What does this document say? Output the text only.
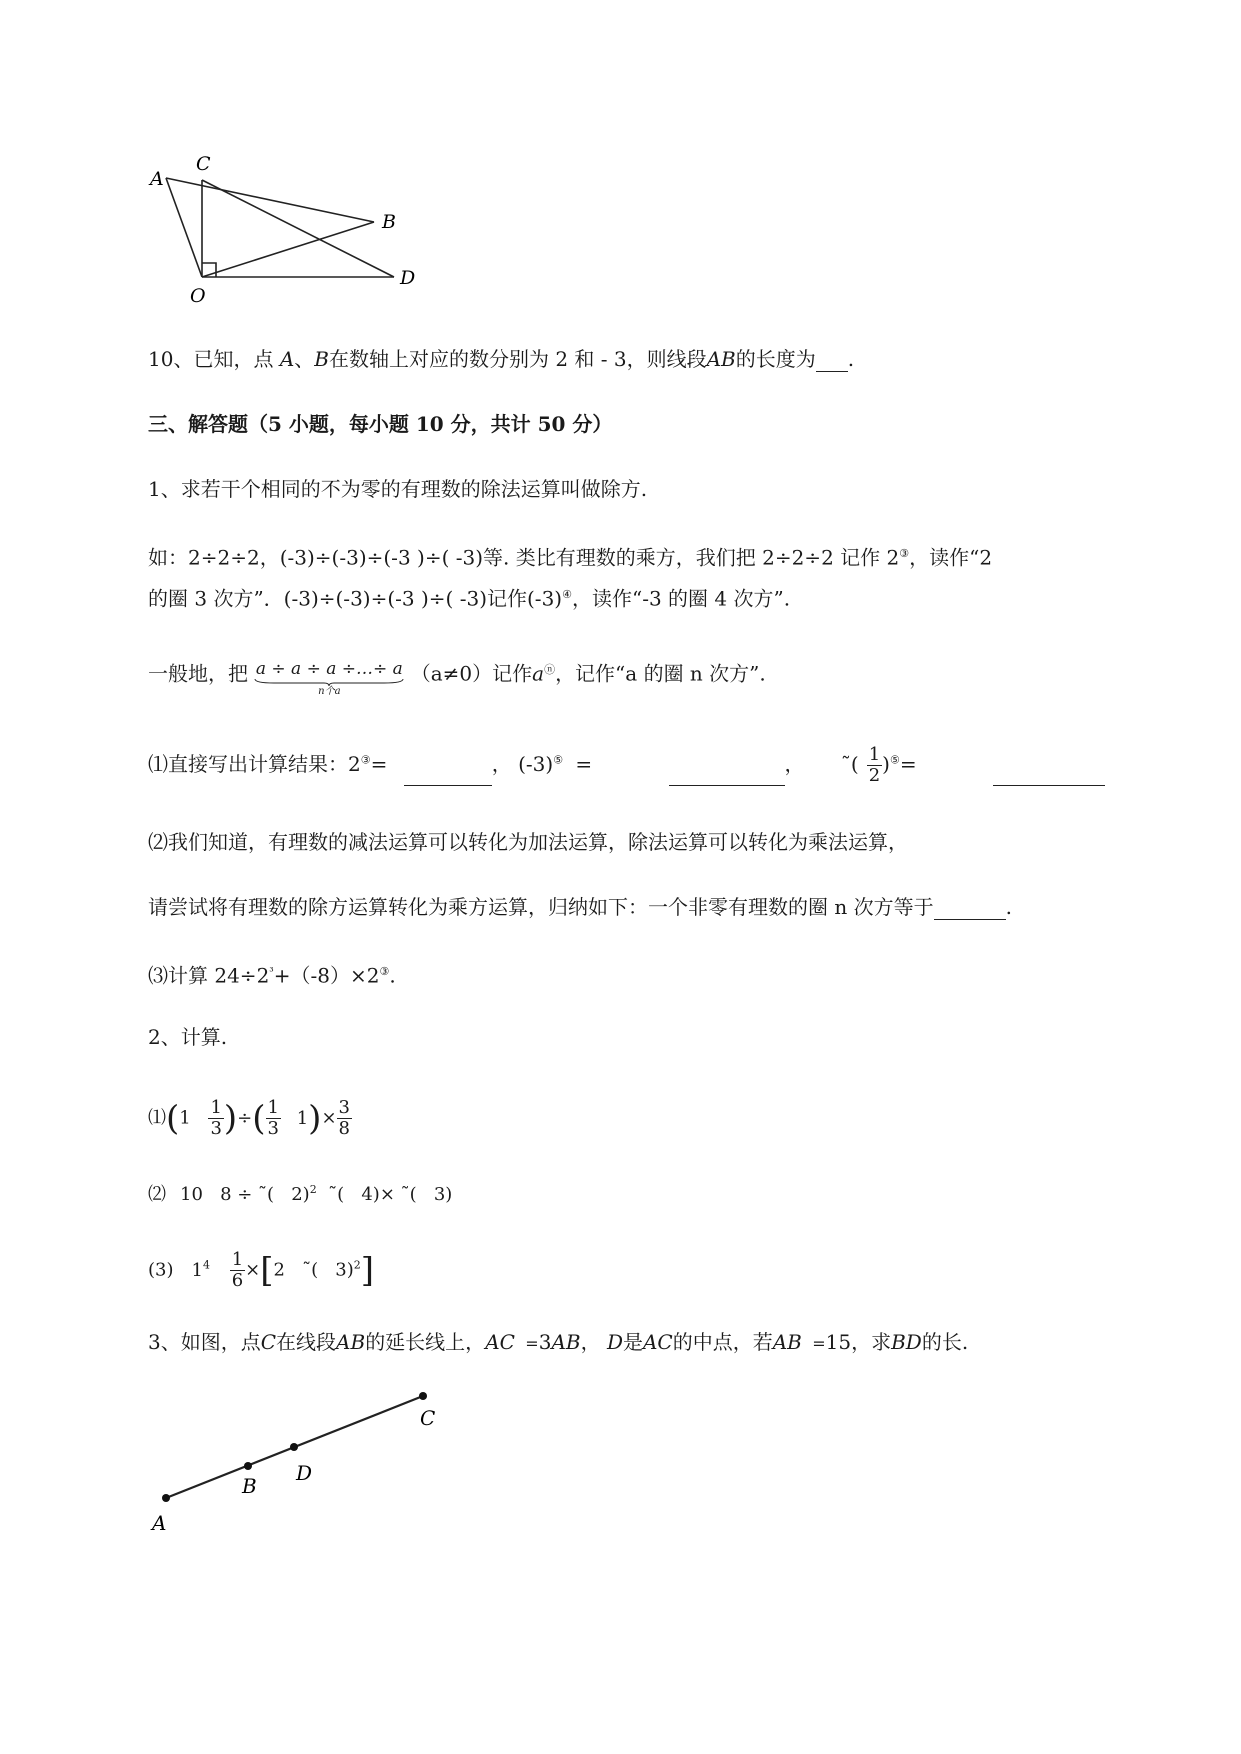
A
C
B
D
O
10、已知，点 A、B在数轴上对应的数分别为 2 和 - 3，则线段AB的长度为 .
三、解答题（5 小题，每小题 10 分，共计 50 分）
1、求若干个相同的不为零的有理数的除法运算叫做除方.
如：2÷2÷2，(-3)÷(-3)÷(-3 )÷( -3)等. 类比有理数的乘方，我们把 2÷2÷2 记作 2③，读作“2
的圈 3 次方”．(-3)÷(-3)÷(-3 )÷( -3)记作(-3)④，读作“-3 的圈 4 次方”.
一般地，把 a ÷ a ÷ a ÷…÷ a
n个a
（a≠0）记作aⓝ，记作“a 的圈 n 次方”.
⑴直接写出计算结果：2③=	， (-3)⑤ =	， ˜( $\frac{1}{2} )^⑤=$
⑵我们知道，有理数的减法运算可以转化为加法运算，除法运算可以转化为乘法运算，
请尝试将有理数的除方运算转化为乘方运算，归纳如下：一个非零有理数的圈 n 次方等于	.
⑶计算 $24\div 2^{^3}+(-8)\times 2^③$.
2、计算.
⑴(1 $\frac{1}{3}$ )÷( $\frac{1}{3} 1)\times \frac{3}{8}$
⑵ 10   8 ÷ ˜(   2)$^2$  ˜(   4)× ˜(   3)
(3) $1^4 \frac{1}{6} \times[2$   ˜(   3)$^2$]
3、如图，点C在线段AB的延长线上，AC =3AB， D是AC的中点，若AB =15，求BD的长.
A
B
D
C
